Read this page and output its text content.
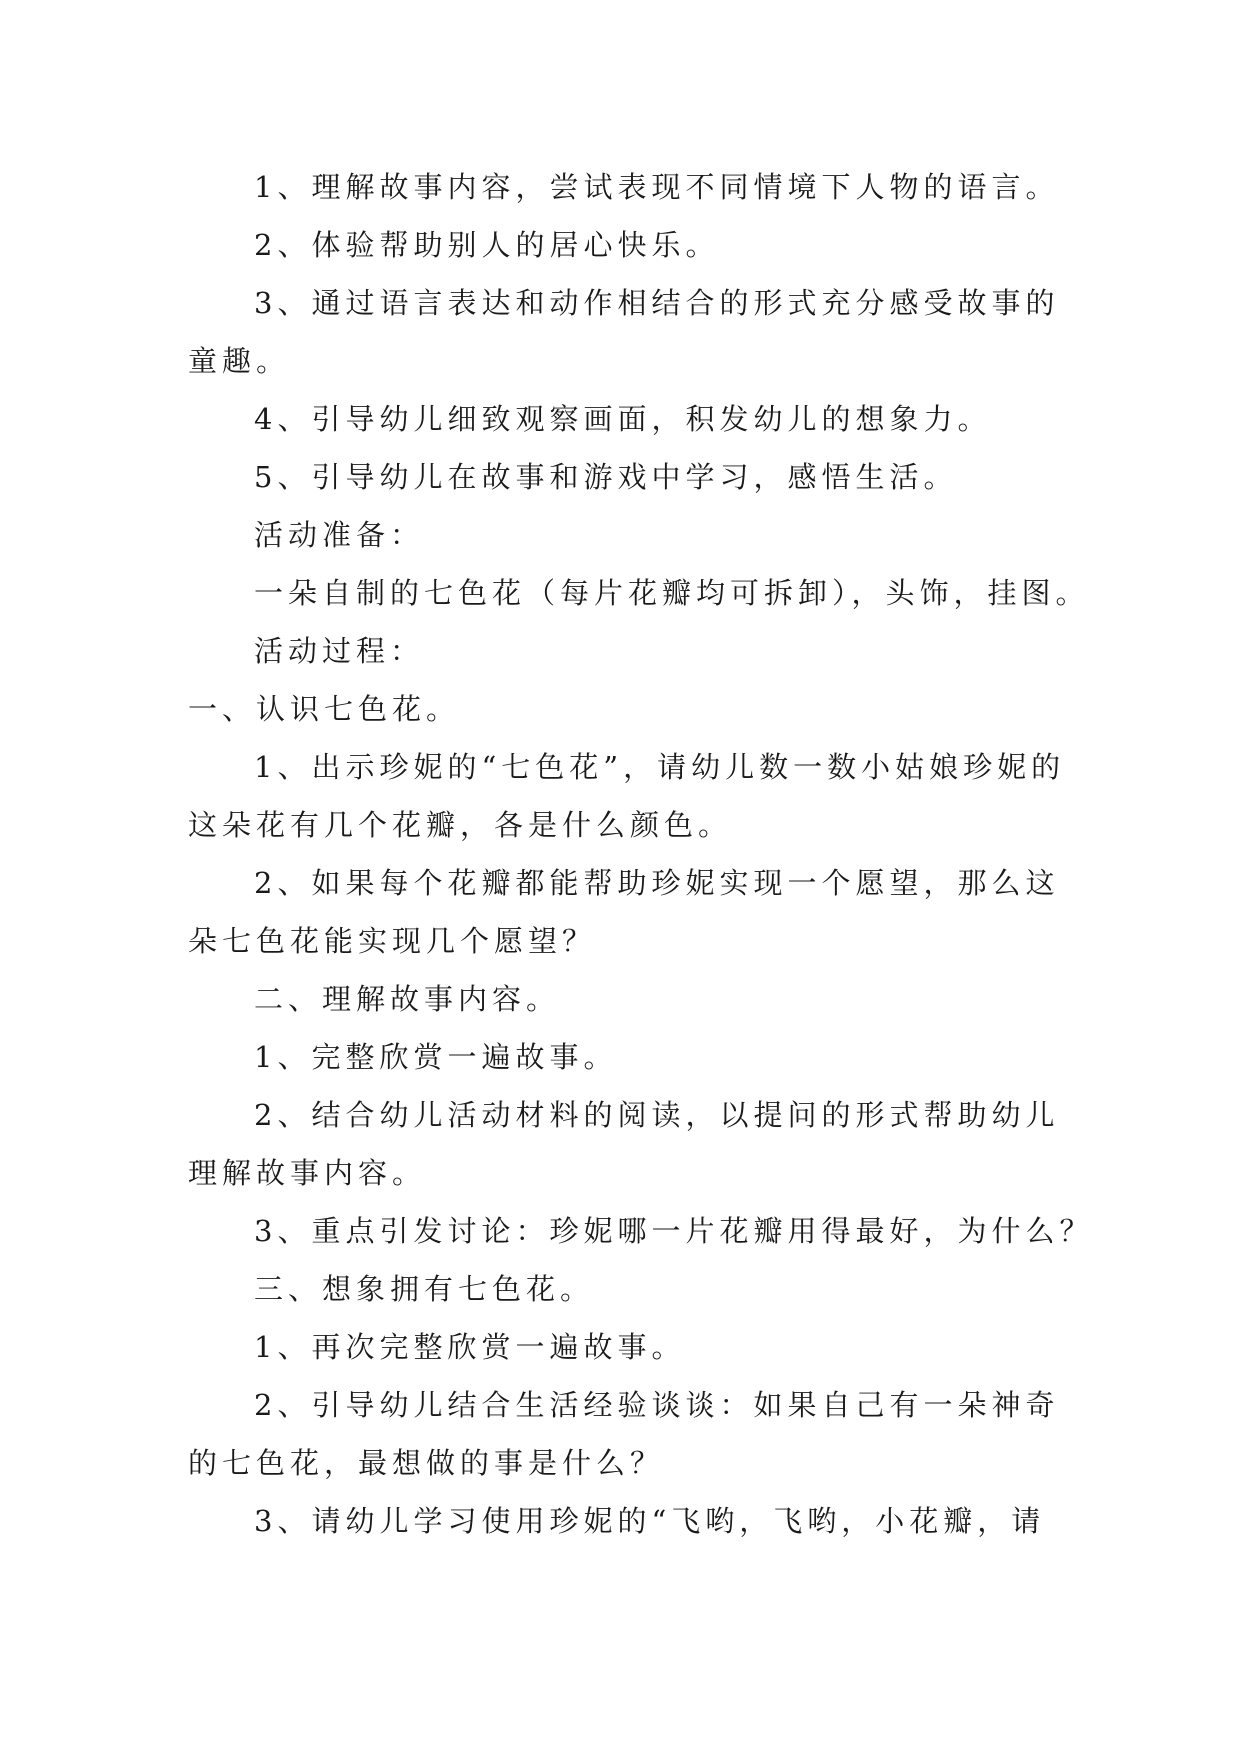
1、理解故事内容，尝试表现不同情境下人物的语言。
2、体验帮助别人的居心快乐。
3、通过语言表达和动作相结合的形式充分感受故事的
童趣。
4、引导幼儿细致观察画面，积发幼儿的想象力。
5、引导幼儿在故事和游戏中学习，感悟生活。
活动准备：
一朵自制的七色花（每片花瓣均可拆卸），头饰，挂图。
活动过程：
一、认识七色花。
1、出示珍妮的“七色花”，请幼儿数一数小姑娘珍妮的
这朵花有几个花瓣，各是什么颜色。
2、如果每个花瓣都能帮助珍妮实现一个愿望，那么这
朵七色花能实现几个愿望？
二、理解故事内容。
1、完整欣赏一遍故事。
2、结合幼儿活动材料的阅读，以提问的形式帮助幼儿
理解故事内容。
3、重点引发讨论：珍妮哪一片花瓣用得最好，为什么？
三、想象拥有七色花。
1、再次完整欣赏一遍故事。
2、引导幼儿结合生活经验谈谈：如果自己有一朵神奇
的七色花，最想做的事是什么？
3、请幼儿学习使用珍妮的“飞哟，飞哟，小花瓣，请
